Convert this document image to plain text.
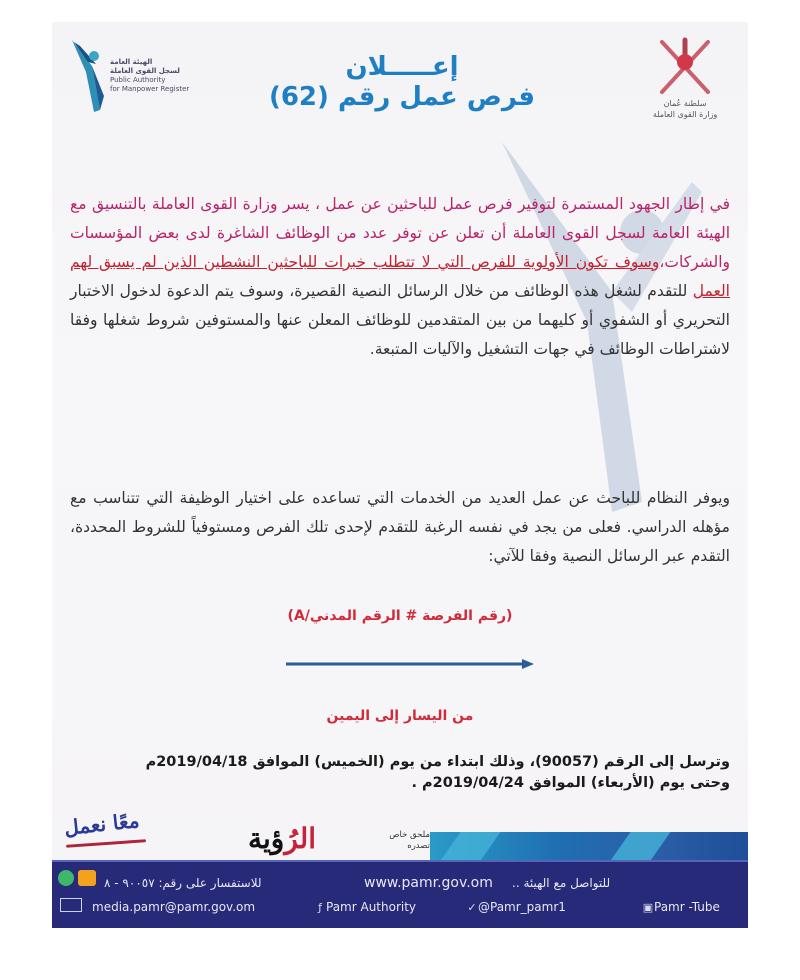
الهيئة العامة
لسجل القوى العاملة
Public Authority
for Manpower Register
إعـــــلان
فرص عمل رقم (62)	سلطنة عُمان
وزارة القوى العاملة
في إطار الجهود المستمرة لتوفير فرص عمل للباحثين عن عمل ، يسر وزارة القوى العاملة بالتنسيق مع الهيئة العامة لسجل القوى العاملة أن تعلن عن توفر عدد من الوظائف الشاغرة لدى بعض المؤسسات والشركات،وسوف تكون الأولوية للفرص التي لا تتطلب خبرات للباحثين النشطين الذين لم يسبق لهم العمل للتقدم لشغل هذه الوظائف من خلال الرسائل النصية القصيرة، وسوف يتم الدعوة لدخول الاختبار التحريري أو الشفوي أو كليهما من بين المتقدمين للوظائف المعلن عنها والمستوفين شروط شغلها وفقا لاشتراطات الوظائف في جهات التشغيل والآليات المتبعة.
ويوفر النظام للباحث عن عمل العديد من الخدمات التي تساعده على اختيار الوظيفة التي تتناسب مع مؤهله الدراسي. فعلى من يجد في نفسه الرغبة للتقدم لإحدى تلك الفرص ومستوفياً للشروط المحددة، التقدم عبر الرسائل النصية وفقا للآتي:
(رقم الفرصة # الرقم المدني/A)
من اليسار إلى اليمين
وترسل إلى الرقم (90057)، وذلك ابتداء من يوم (الخميس) الموافق 2019/04/18م
وحتى يوم (الأربعاء) الموافق 2019/04/24م .
معًا نعمل	الرُؤية	ملحق خاص
تصدره
للاستفسار على رقم: ٩٠٠٥٧ - ٨	www.pamr.gov.om للتواصل مع الهيئة ..
media.pamr@pamr.gov.om	ƒ Pamr Authority	✓@Pamr_pamr1	▣Pamr -Tube
